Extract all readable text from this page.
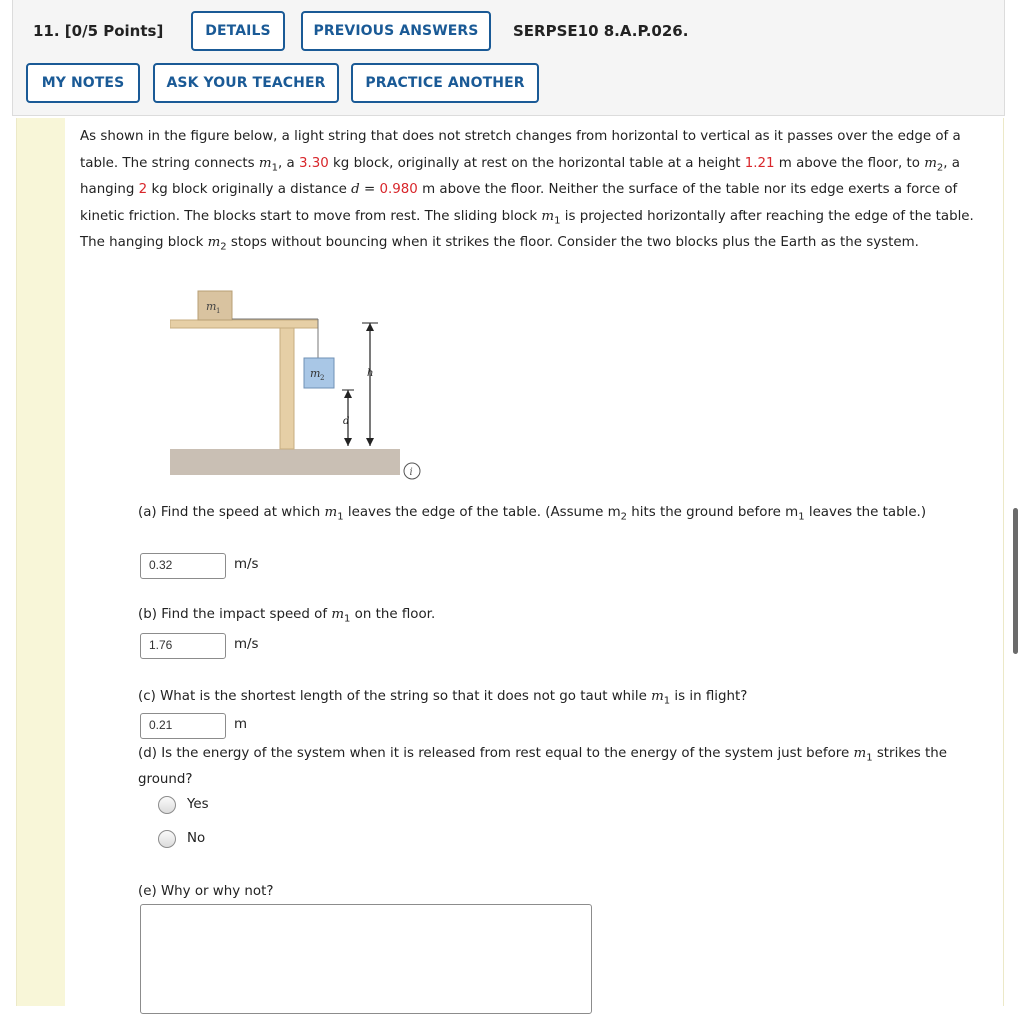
11. [0/5 Points]	DETAILS	PREVIOUS ANSWERS	SERPSE10 8.A.P.026.
MY NOTES	ASK YOUR TEACHER	PRACTICE ANOTHER
As shown in the figure below, a light string that does not stretch changes from horizontal to vertical as it passes over the edge of a table. The string connects $m_1$, a 3.30 kg block, originally at rest on the horizontal table at a height 1.21 m above the floor, to $m_2$, a hanging 2 kg block originally a distance d = 0.980 m above the floor. Neither the surface of the table nor its edge exerts a force of kinetic friction. The blocks start to move from rest. The sliding block $m_1$ is projected horizontally after reaching the edge of the table. The hanging block $m_2$ stops without bouncing when it strikes the floor. Consider the two blocks plus the Earth as the system.
m 1
m 2
d
h
i
(a) Find the speed at which $m_1$ leaves the edge of the table. (Assume $m_2$ hits the ground before $m_1$ leaves the table.)
0.32	m/s
(b) Find the impact speed of $m_1$ on the floor.
1.76	m/s
(c) What is the shortest length of the string so that it does not go taut while $m_1$ is in flight?
0.21	m
(d) Is the energy of the system when it is released from rest equal to the energy of the system just before $m_1$ strikes the ground?
Yes
No
(e) Why or why not?
